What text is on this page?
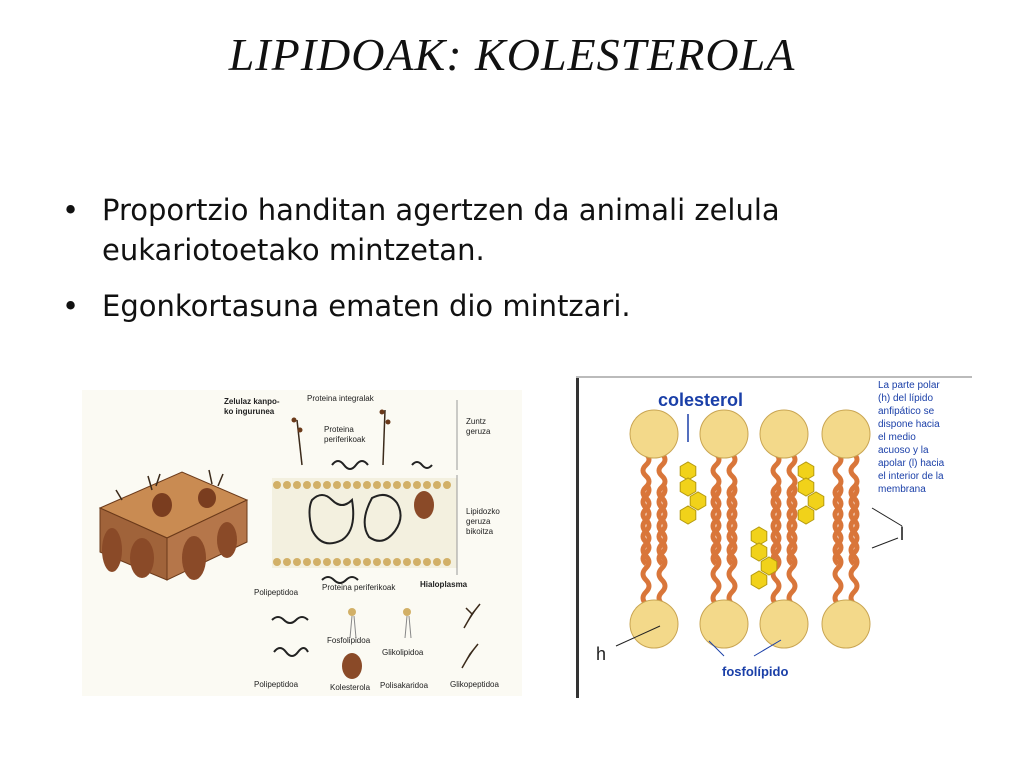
LIPIDOAK: KOLESTEROLA
• Proportzio handitan agertzen da animali zelula eukariotoetako mintzetan.
• Egonkortasuna ematen dio mintzari.
Zelulaz kanpo-
ko ingurunea
Proteina integralak
Proteina
periferikoak
Zuntz
geruza
Lipidozko
geruza
bikoitza
Proteina periferikoak	Hialoplasma
Polipeptidoa
Fosfolipidoa
Glikolipidoa
Polipeptidoa	Kolesterola Polisakaridoa	Glikopeptidoa
colesterol
La parte polar
(h) del lípido
anfipático se
dispone hacia
el medio
acuoso y la
apolar (l) hacia
el interior de la
membrana
l
h
fosfolípido
